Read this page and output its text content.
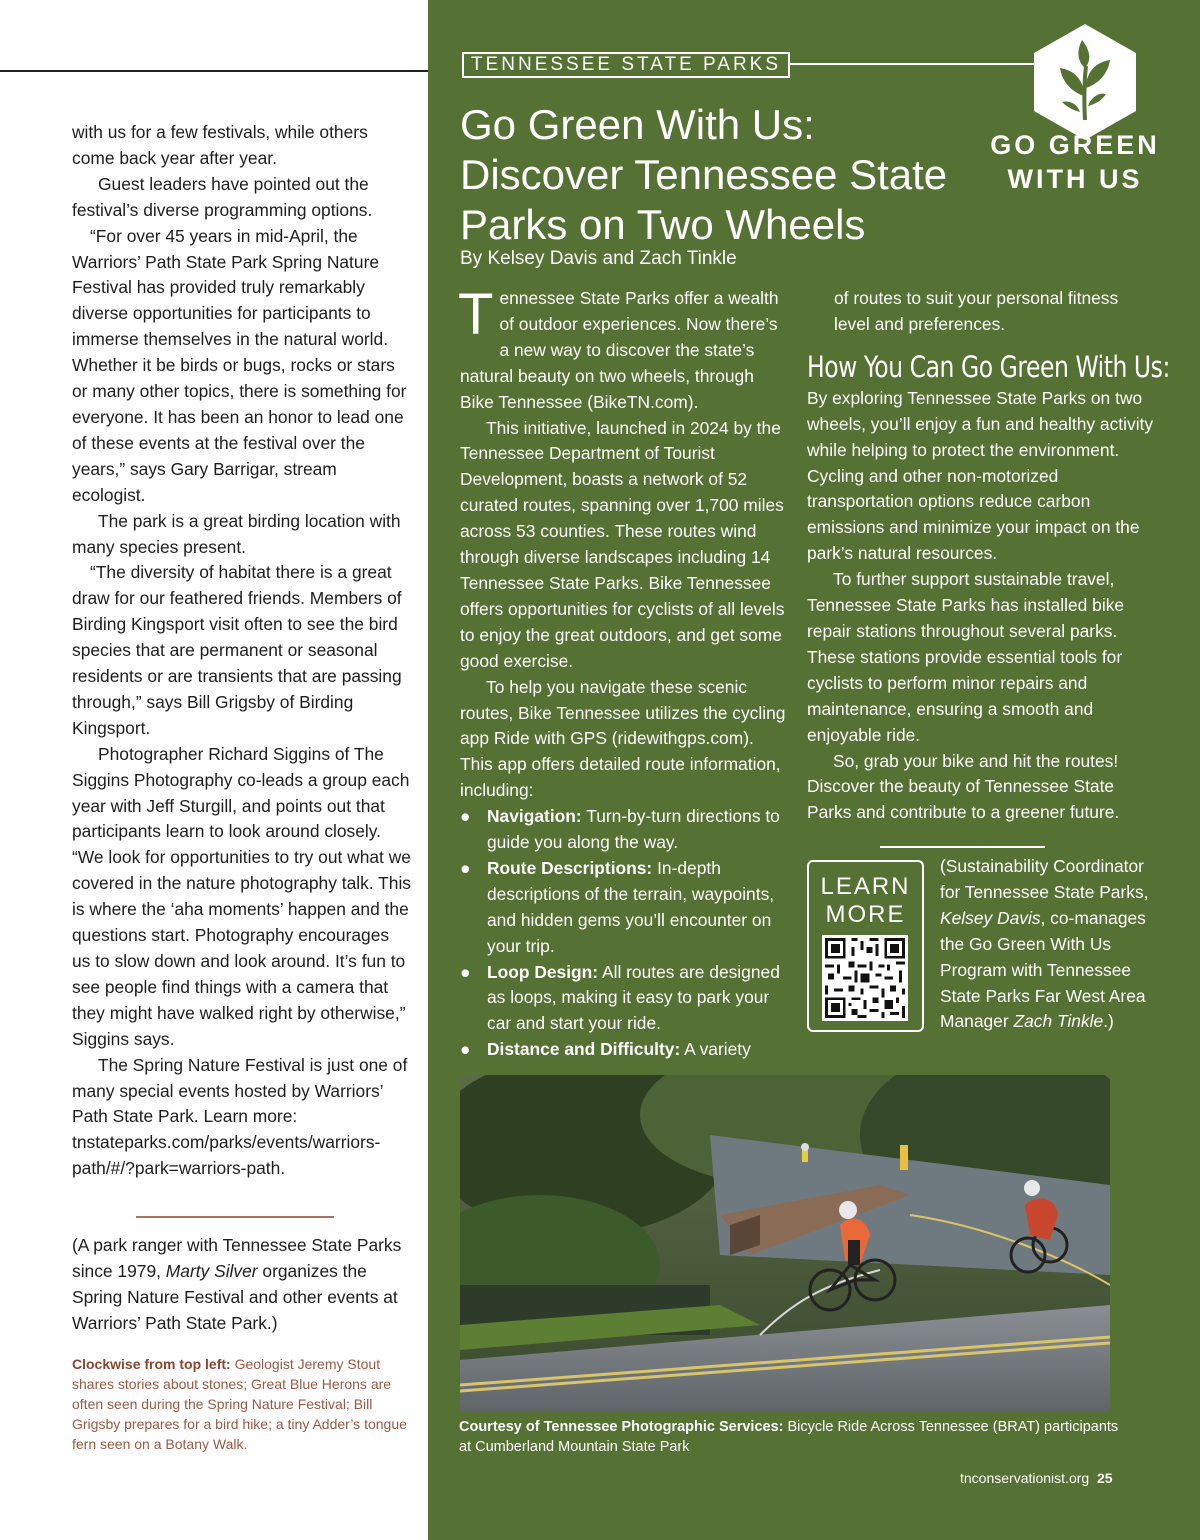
with us for a few festivals, while others come back year after year.

Guest leaders have pointed out the festival’s diverse programming options.

“For over 45 years in mid-April, the Warriors’ Path State Park Spring Nature Festival has provided truly remarkably diverse opportunities for participants to immerse themselves in the natural world. Whether it be birds or bugs, rocks or stars or many other topics, there is something for everyone. It has been an honor to lead one of these events at the festival over the years,” says Gary Barrigar, stream ecologist.

The park is a great birding location with many species present.

“The diversity of habitat there is a great draw for our feathered friends. Members of Birding Kingsport visit often to see the bird species that are permanent or seasonal residents or are transients that are passing through,” says Bill Grigsby of Birding Kingsport.

Photographer Richard Siggins of The Siggins Photography co-leads a group each year with Jeff Sturgill, and points out that participants learn to look around closely. “We look for opportunities to try out what we covered in the nature photography talk. This is where the ‘aha moments’ happen and the questions start. Photography encourages us to slow down and look around. It’s fun to see people find things with a camera that they might have walked right by otherwise,” Siggins says.

The Spring Nature Festival is just one of many special events hosted by Warriors’ Path State Park. Learn more: tnstateparks.com/parks/events/warriors-path/#/?park=warriors-path.

(A park ranger with Tennessee State Parks since 1979, Marty Silver organizes the Spring Nature Festival and other events at Warriors’ Path State Park.)
Clockwise from top left: Geologist Jeremy Stout shares stories about stones; Great Blue Herons are often seen during the Spring Nature Festival; Bill Grigsby prepares for a bird hike; a tiny Adder’s tongue fern seen on a Botany Walk.
TENNESSEE STATE PARKS
GO GREEN
WITH US
Go Green With Us: Discover Tennessee State Parks on Two Wheels
By Kelsey Davis and Zach Tinkle

Tennessee State Parks offer a wealth of outdoor experiences. Now there’s a new way to discover the state’s natural beauty on two wheels, through Bike Tennessee (BikeTN.com).

This initiative, launched in 2024 by the Tennessee Department of Tourist Development, boasts a network of 52 curated routes, spanning over 1,700 miles across 53 counties. These routes wind through diverse landscapes including 14 Tennessee State Parks. Bike Tennessee offers opportunities for cyclists of all levels to enjoy the great outdoors, and get some good exercise.

To help you navigate these scenic routes, Bike Tennessee utilizes the cycling app Ride with GPS (ridewithgps.com). This app offers detailed route information, including:

● Navigation: Turn-by-turn directions to guide you along the way.
● Route Descriptions: In-depth descriptions of the terrain, waypoints, and hidden gems you’ll encounter on your trip.
● Loop Design: All routes are designed as loops, making it easy to park your car and start your ride.
● Distance and Difficulty: A variety

of routes to suit your personal fitness level and preferences.

How You Can Go Green With Us:

By exploring Tennessee State Parks on two wheels, you’ll enjoy a fun and healthy activity while helping to protect the environment. Cycling and other non-motorized transportation options reduce carbon emissions and minimize your impact on the park’s natural resources.

To further support sustainable travel, Tennessee State Parks has installed bike repair stations throughout several parks. These stations provide essential tools for cyclists to perform minor repairs and maintenance, ensuring a smooth and enjoyable ride.

So, grab your bike and hit the routes! Discover the beauty of Tennessee State Parks and contribute to a greener future.

LEARN
MORE
(Sustainability Coordinator for Tennessee State Parks, Kelsey Davis, co-manages the Go Green With Us Program with Tennessee State Parks Far West Area Manager Zach Tinkle.)
Courtesy of Tennessee Photographic Services: Bicycle Ride Across Tennessee (BRAT) participants at Cumberland Mountain State Park
tnconservationist.org 25
